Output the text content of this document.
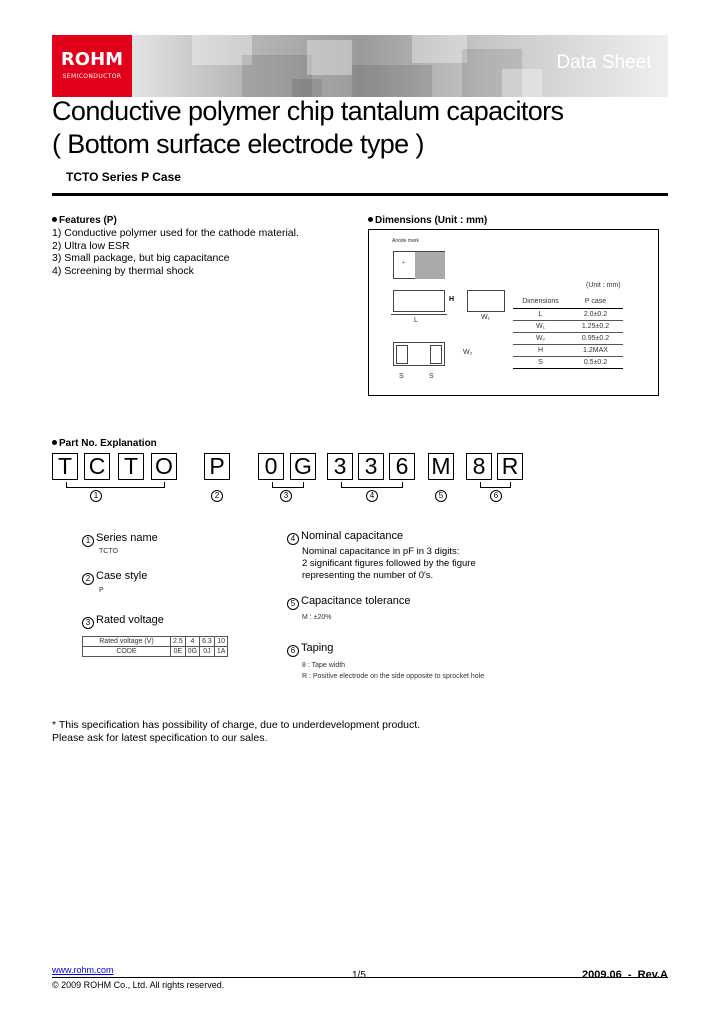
ROHM
SEMICONDUCTOR
Data Sheet
Conductive polymer chip tantalum capacitors
( Bottom surface electrode type )
TCTO Series P Case
Features (P)
1) Conductive polymer used for the cathode material.
2) Ultra low ESR
3) Small package, but big capacitance
4) Screening by thermal shock
Dimensions (Unit : mm)
Anode mark
+
L
H
W₁
W₂
S	S
(Unit : mm)
Dimensions	P case
L	2.0±0.2
W₁	1.25±0.2
W₂	0.95±0.2
H	1.2MAX
S	0.5±0.2
Part No. Explanation
T C T O P 0 G 3 3 6 M 8 R
1	2	3	4	5	6
1 Series name
TCTO
2 Case style
P
3 Rated voltage
Rated voltage (V)	2.5	4	6.3	10
CODE	0E	0G	0J	1A
4 Nominal capacitance
Nominal capacitance in pF in 3 digits:
2 significant figures followed by the figure
representing the number of 0's.
5 Capacitance tolerance
M : ±20%
6 Taping
8 : Tape width
R : Positive electrode on the side opposite to sprocket hole
* This specification has possibility of charge, due to underdevelopment product.
Please ask for latest specification to our sales.
www.rohm.com
© 2009 ROHM Co., Ltd. All rights reserved.
1/5	2009.06  -  Rev.A
